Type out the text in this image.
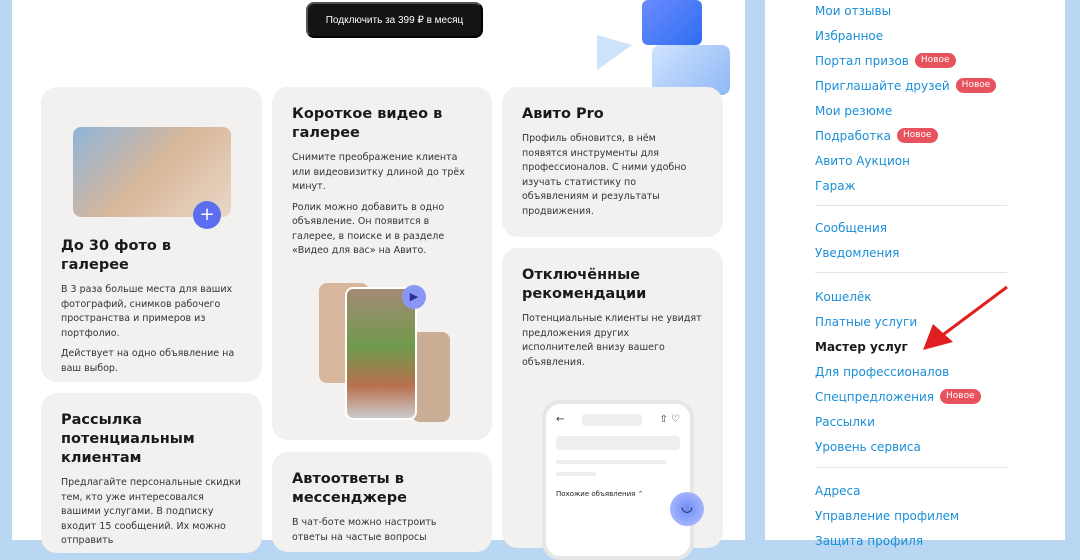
Подключить за 399 ₽ в месяц
+
До 30 фото в галерее

В 3 раза больше места для ваших фотографий, снимков рабочего пространства и примеров из портфолио.

Действует на одно объявление на ваш выбор.

Короткое видео в галерее

Снимите преображение клиента или видеовизитку длиной до трёх минут.

Ролик можно добавить в одно объявление. Он появится в галерее, в поиске и в разделе «Видео для вас» на Авито.

▶
Авито Pro

Профиль обновится, в нём появятся инструменты для профессионалов. С ними удобно изучать статистику по объявлениям и результаты продвижения.

Рассылка потенциальным клиентам

Предлагайте персональные скидки тем, кто уже интересовался вашими услугами. В подписку входит 15 сообщений. Их можно отправить

Автоответы в мессенджере

В чат-боте можно настроить ответы на частые вопросы

Отключённые рекомендации

Потенциальные клиенты не увидят предложения других исполнителей внизу вашего объявления.

←	⇧ ♡
Похожие объявления ⌃
◡
Мои отзывы
Избранное
Портал призов	Новое
Приглашайте друзей	Новое
Мои резюме
Подработка	Новое
Авито Аукцион
Гараж
Сообщения
Уведомления
Кошелёк
Платные услуги
Мастер услуг
Для профессионалов
Спецпредложения	Новое
Рассылки
Уровень сервиса
Адреса
Управление профилем
Защита профиля
